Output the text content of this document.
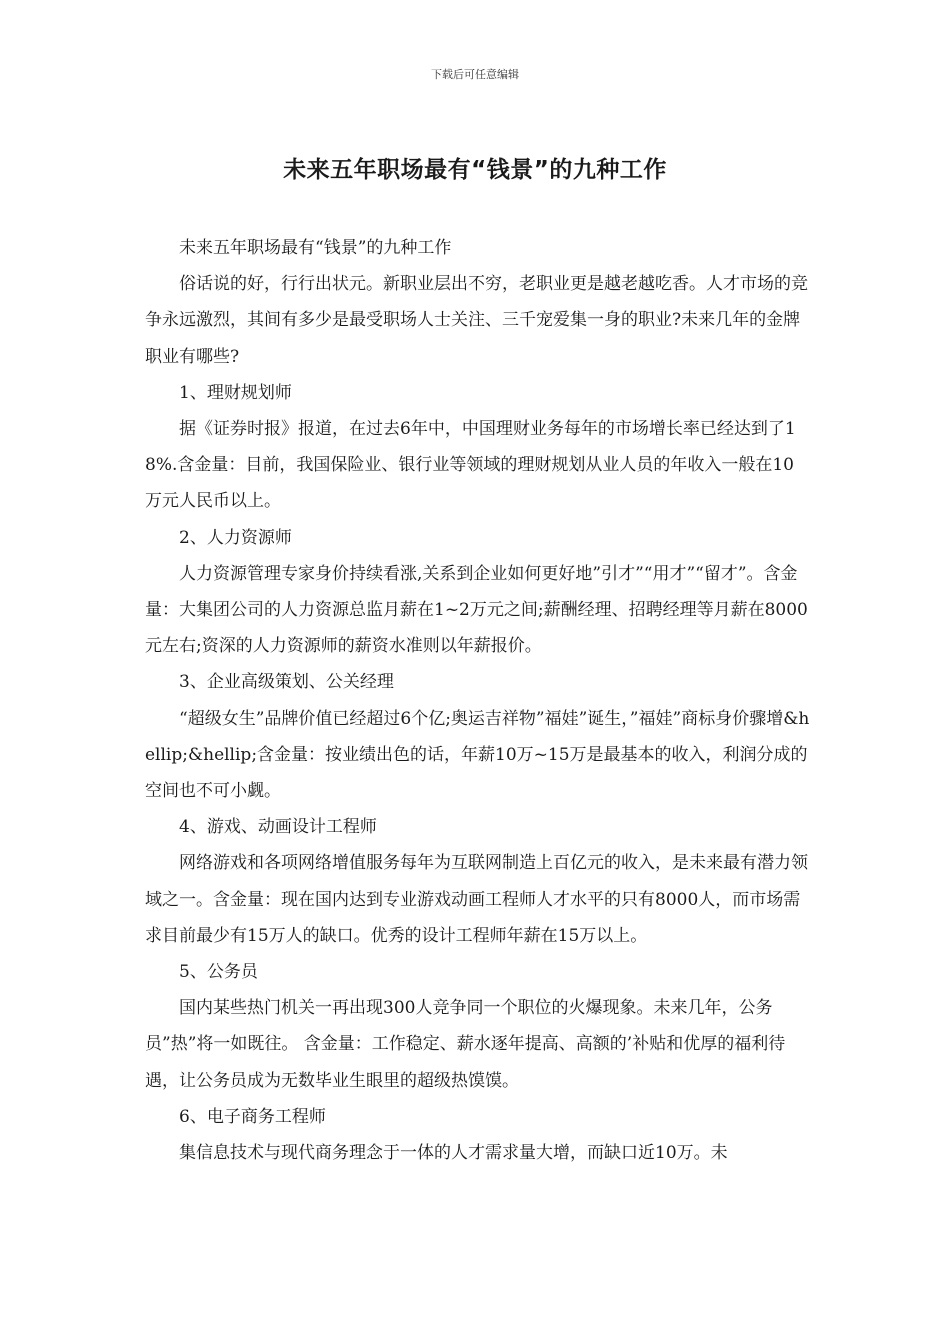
下载后可任意编辑
未来五年职场最有“钱景”的九种工作

未来五年职场最有“钱景”的九种工作

俗话说的好，行行出状元。新职业层出不穷，老职业更是越老越吃香。人才市场的竞争永远激烈，其间有多少是最受职场人士关注、三千宠爱集一身的职业?未来几年的金牌职业有哪些?

1、理财规划师

据《证券时报》报道，在过去6年中，中国理财业务每年的市场增长率已经达到了18%.含金量：目前，我国保险业、银行业等领域的理财规划从业人员的年收入一般在10万元人民币以上。

2、人力资源师

人力资源管理专家身价持续看涨,关系到企业如何更好地”引才”“用才”“留才”。含金量：大集团公司的人力资源总监月薪在1~2万元之间;薪酬经理、招聘经理等月薪在8000元左右;资深的人力资源师的薪资水准则以年薪报价。

3、企业高级策划、公关经理

“超级女生”品牌价值已经超过6个亿;奥运吉祥物”福娃”诞生，”福娃”商标身价骤增&hellip;&hellip;含金量：按业绩出色的话，年薪10万~15万是最基本的收入，利润分成的空间也不可小觑。

4、游戏、动画设计工程师

网络游戏和各项网络增值服务每年为互联网制造上百亿元的收入，是未来最有潜力领域之一。含金量：现在国内达到专业游戏动画工程师人才水平的只有8000人，而市场需求目前最少有15万人的缺口。优秀的设计工程师年薪在15万以上。

5、公务员

国内某些热门机关一再出现300人竞争同一个职位的火爆现象。未来几年，公务员”热”将一如既往。 含金量：工作稳定、薪水逐年提高、高额的’补贴和优厚的福利待遇，让公务员成为无数毕业生眼里的超级热馍馍。

6、电子商务工程师

集信息技术与现代商务理念于一体的人才需求量大增，而缺口近10万。未
